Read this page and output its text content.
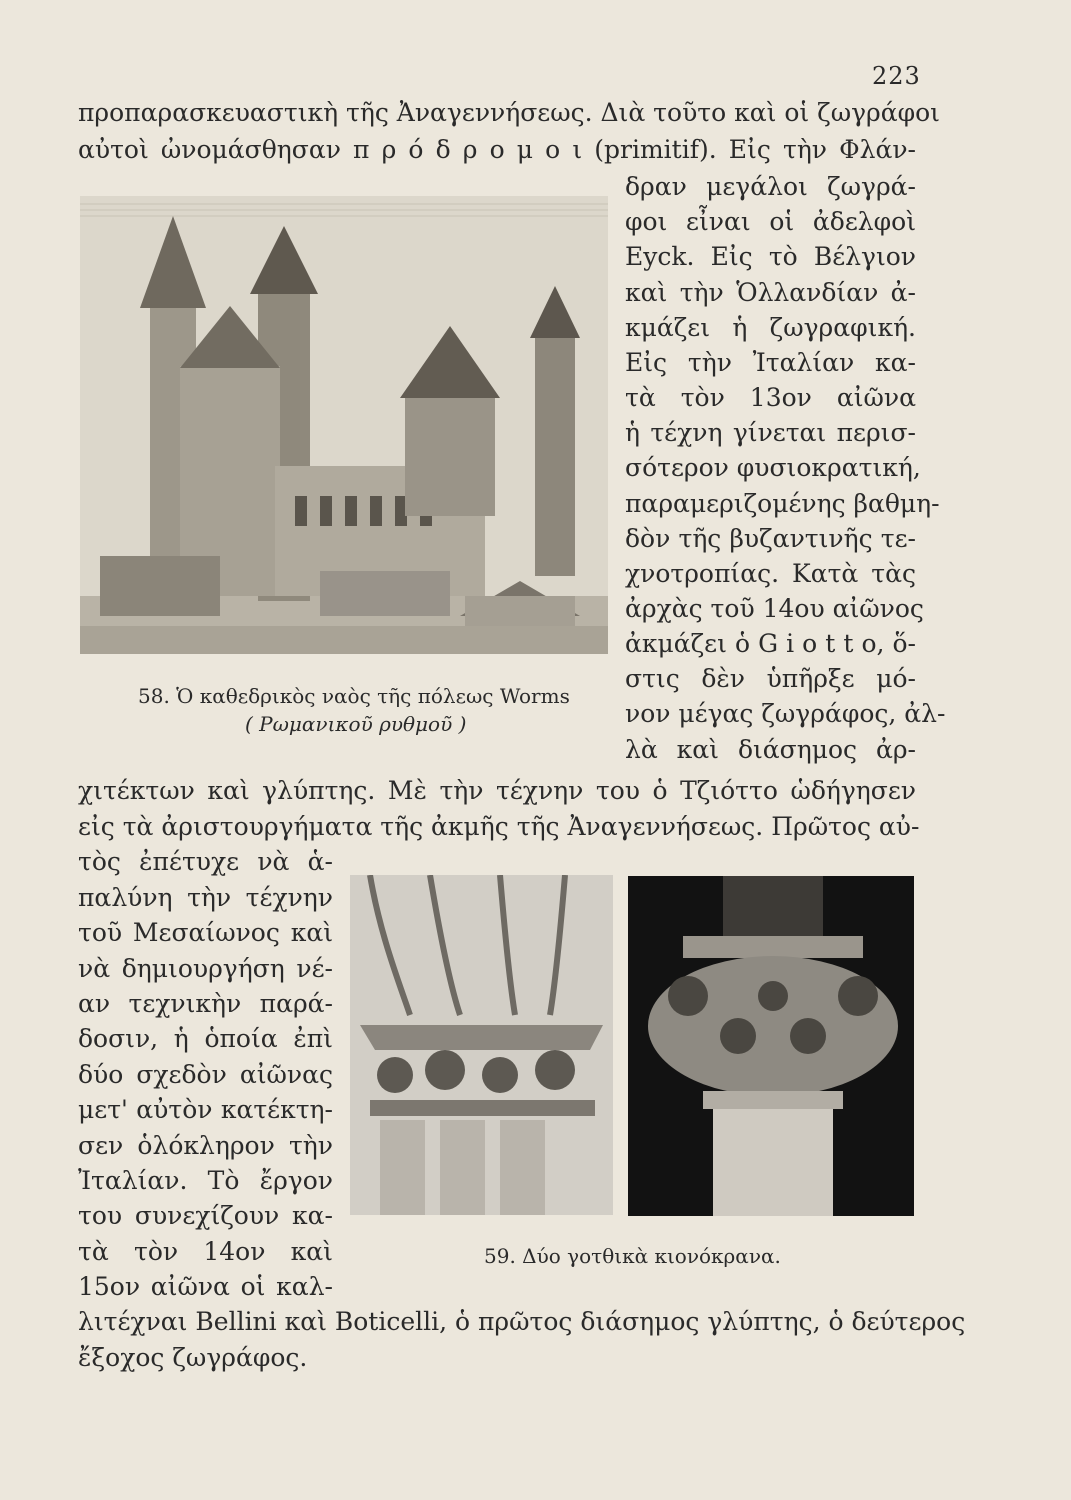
223
προπαρασκευαστικὴ τῆς Ἀναγεννήσεως. Διὰ τοῦτο καὶ οἱ ζωγράφοι
αὐτοὶ ὠνομάσθησαν π ρ ό δ ρ ο μ ο ι (primitif). Εἰς τὴν Φλάν-
δραν μεγάλοι ζωγρά-
φοι εἶναι οἱ ἀδελφοὶ
Eyck. Εἰς τὸ Βέλγιον
καὶ τὴν Ὁλλανδίαν ἀ-
κμάζει ἡ ζωγραφική.
Εἰς τὴν Ἰταλίαν κα-
τὰ τὸν 13ον αἰῶνα
ἡ τέχνη γίνεται περισ-
σότερον φυσιοκρατική,
παραμεριζομένης βαθμη-
δὸν τῆς βυζαντινῆς τε-
χνοτροπίας. Κατὰ τὰς
ἀρχὰς τοῦ 14ου αἰῶνος
ἀκμάζει ὁ G i o t t o, ὅ-
στις δὲν ὑπῆρξε μό-
νον μέγας ζωγράφος, ἀλ-
λὰ καὶ διάσημος ἀρ-
58. Ὁ καθεδρικὸς ναὸς τῆς πόλεως Worms
( Ρωμανικοῦ ρυθμοῦ )
χιτέκτων καὶ γλύπτης. Μὲ τὴν τέχνην του ὁ Τζιόττο ὡδήγησεν
εἰς τὰ ἀριστουργήματα τῆς ἀκμῆς τῆς Ἀναγεννήσεως. Πρῶτος αὐ-
τὸς ἐπέτυχε νὰ ἁ-
παλύνη τὴν τέχνην
τοῦ Μεσαίωνος καὶ
νὰ δημιουργήση νέ-
αν τεχνικὴν παρά-
δοσιν, ἡ ὁποία ἐπὶ
δύο σχεδὸν αἰῶνας
μετ' αὐτὸν κατέκτη-
σεν ὁλόκληρον τὴν
Ἰταλίαν. Τὸ ἔργον
του συνεχίζουν κα-
τὰ τὸν 14ον καὶ
15ον αἰῶνα οἱ καλ-
59. Δύο γοτθικὰ κιονόκρανα.
λιτέχναι Bellini καὶ Boticelli, ὁ πρῶτος διάσημος γλύπτης, ὁ δεύτερος
ἔξοχος ζωγράφος.
